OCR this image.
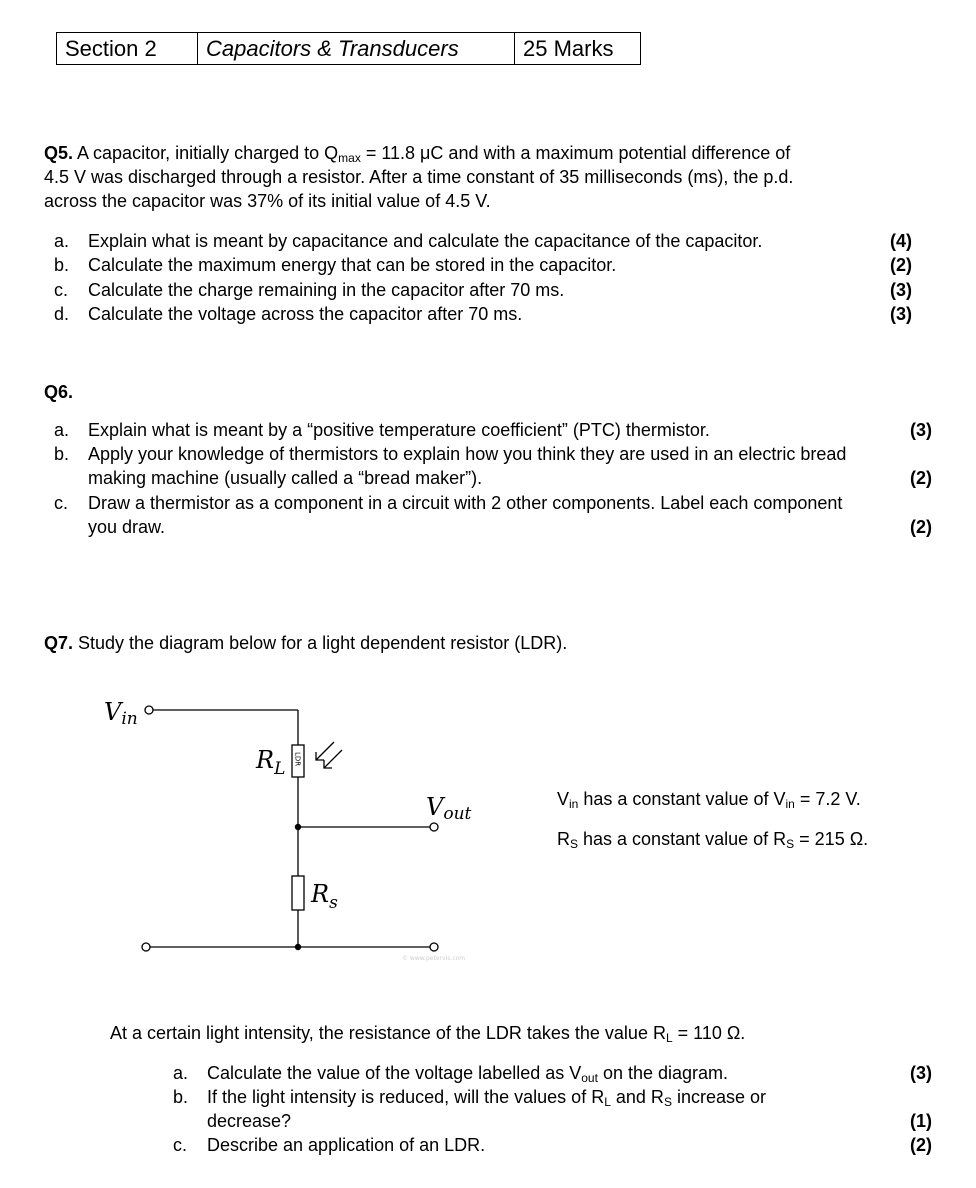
Section 2	Capacitors & Transducers	25 Marks
Q5. A capacitor, initially charged to $Q_{max} = 11.8$ μC and with a maximum potential difference of
4.5 V was discharged through a resistor. After a time constant of 35 milliseconds (ms), the p.d.
across the capacitor was 37% of its initial value of 4.5 V.
a. Explain what is meant by capacitance and calculate the capacitance of the capacitor.	(4)
b. Calculate the maximum energy that can be stored in the capacitor.	(2)
c. Calculate the charge remaining in the capacitor after 70 ms.	(3)
d. Calculate the voltage across the capacitor after 70 ms.	(3)
Q6.
a. Explain what is meant by a “positive temperature coefficient” (PTC) thermistor.	(3)
b. Apply your knowledge of thermistors to explain how you think they are used in an electric bread
making machine (usually called a “bread maker”).	(2)
c. Draw a thermistor as a component in a circuit with 2 other components. Label each component
you draw.	(2)
Q7. Study the diagram below for a light dependent resistor (LDR).
Vin
$R_L$ LDR
Vout
$R_s$
© www.petervis.com
$V_{in}$ has a constant value of $V_{in} = 7.2$ V.
$R_S$ has a constant value of $R_S = 215$ Ω.
At a certain light intensity, the resistance of the LDR takes the value $R_L = 110$ Ω.
a. Calculate the value of the voltage labelled as $V_{out}$ on the diagram.	(3)
b. If the light intensity is reduced, will the values of $R_L$ and $R_S$ increase or
decrease?	(1)
c. Describe an application of an LDR.	(2)
